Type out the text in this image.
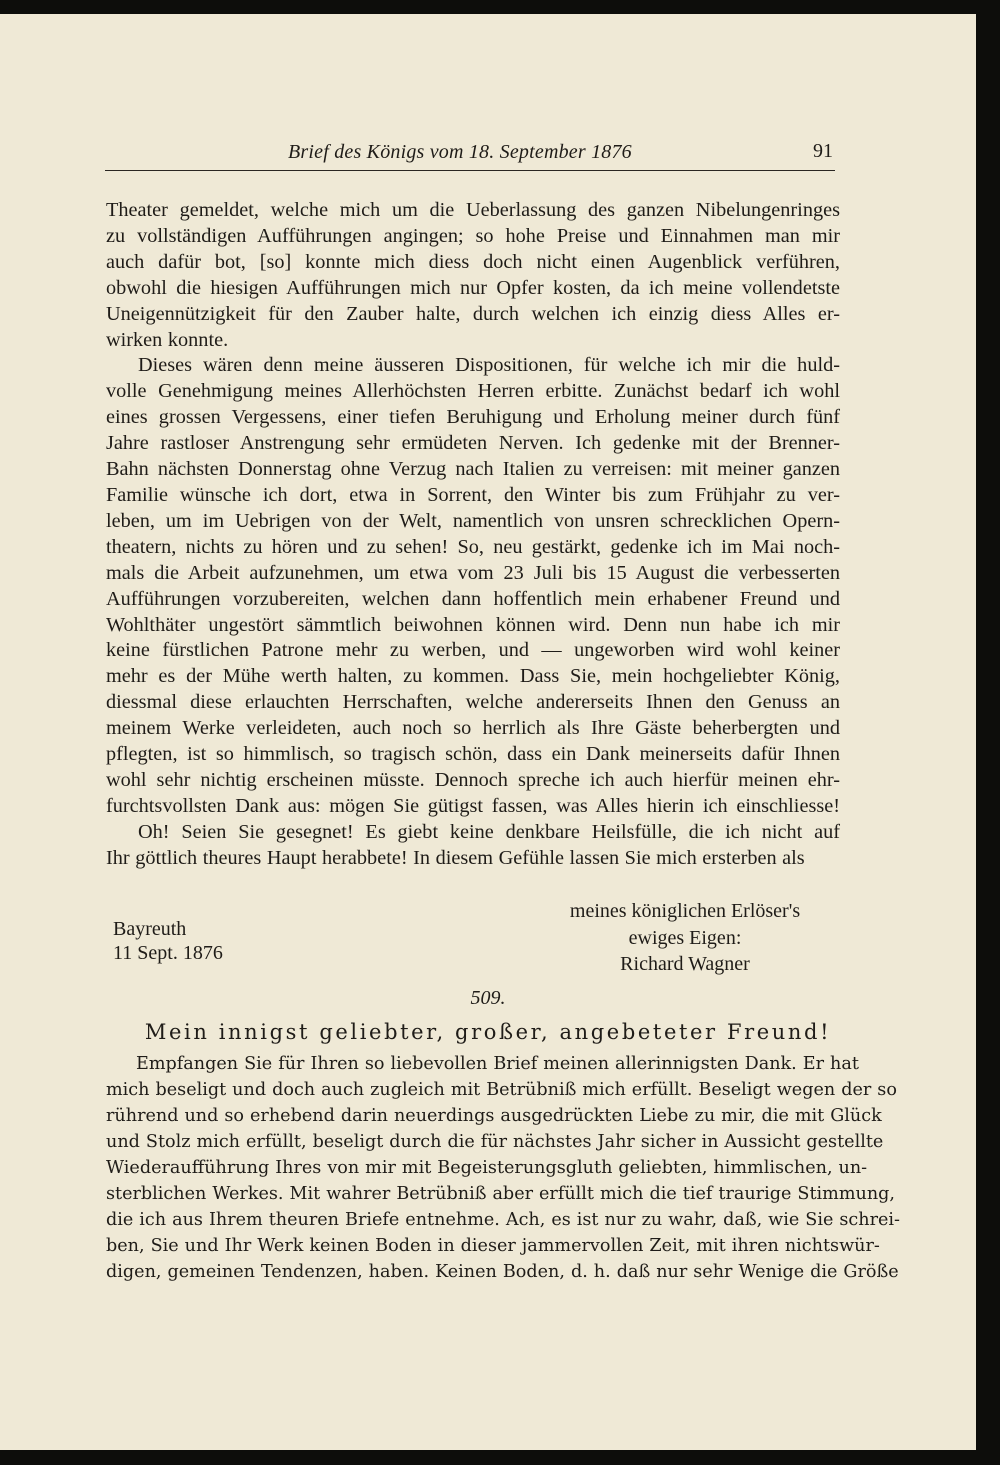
Brief des Königs vom 18. September 1876	91
Theater gemeldet, welche mich um die Ueberlassung des ganzen Nibelungenringes
zu vollständigen Aufführungen angingen; so hohe Preise und Einnahmen man mir
auch dafür bot, [so] konnte mich diess doch nicht einen Augenblick verführen,
obwohl die hiesigen Aufführungen mich nur Opfer kosten, da ich meine vollendetste
Uneigennützigkeit für den Zauber halte, durch welchen ich einzig diess Alles er-
wirken konnte.
Dieses wären denn meine äusseren Dispositionen, für welche ich mir die huld-
volle Genehmigung meines Allerhöchsten Herren erbitte. Zunächst bedarf ich wohl
eines grossen Vergessens, einer tiefen Beruhigung und Erholung meiner durch fünf
Jahre rastloser Anstrengung sehr ermüdeten Nerven. Ich gedenke mit der Brenner-
Bahn nächsten Donnerstag ohne Verzug nach Italien zu verreisen: mit meiner ganzen
Familie wünsche ich dort, etwa in Sorrent, den Winter bis zum Frühjahr zu ver-
leben, um im Uebrigen von der Welt, namentlich von unsren schrecklichen Opern-
theatern, nichts zu hören und zu sehen! So, neu gestärkt, gedenke ich im Mai noch-
mals die Arbeit aufzunehmen, um etwa vom 23 Juli bis 15 August die verbesserten
Aufführungen vorzubereiten, welchen dann hoffentlich mein erhabener Freund und
Wohlthäter ungestört sämmtlich beiwohnen können wird. Denn nun habe ich mir
keine fürstlichen Patrone mehr zu werben, und — ungeworben wird wohl keiner
mehr es der Mühe werth halten, zu kommen. Dass Sie, mein hochgeliebter König,
diessmal diese erlauchten Herrschaften, welche andererseits Ihnen den Genuss an
meinem Werke verleideten, auch noch so herrlich als Ihre Gäste beherbergten und
pflegten, ist so himmlisch, so tragisch schön, dass ein Dank meinerseits dafür Ihnen
wohl sehr nichtig erscheinen müsste. Dennoch spreche ich auch hierfür meinen ehr-
furchtsvollsten Dank aus: mögen Sie gütigst fassen, was Alles hierin ich einschliesse!
Oh! Seien Sie gesegnet! Es giebt keine denkbare Heilsfülle, die ich nicht auf
Ihr göttlich theures Haupt herabbete! In diesem Gefühle lassen Sie mich ersterben als
meines königlichen Erlöser's
ewiges Eigen:
Richard Wagner
Bayreuth
11 Sept. 1876
509.
Mein innigst geliebter, großer, angebeteter Freund!
Empfangen Sie für Ihren so liebevollen Brief meinen allerinnigsten Dank. Er hat
mich beseligt und doch auch zugleich mit Betrübniß mich erfüllt. Beseligt wegen der so
rührend und so erhebend darin neuerdings ausgedrückten Liebe zu mir, die mit Glück
und Stolz mich erfüllt, beseligt durch die für nächstes Jahr sicher in Aussicht gestellte
Wiederaufführung Ihres von mir mit Begeisterungsgluth geliebten, himmlischen, un-
sterblichen Werkes. Mit wahrer Betrübniß aber erfüllt mich die tief traurige Stimmung,
die ich aus Ihrem theuren Briefe entnehme. Ach, es ist nur zu wahr, daß, wie Sie schrei-
ben, Sie und Ihr Werk keinen Boden in dieser jammervollen Zeit, mit ihren nichtswür-
digen, gemeinen Tendenzen, haben. Keinen Boden, d. h. daß nur sehr Wenige die Größe
